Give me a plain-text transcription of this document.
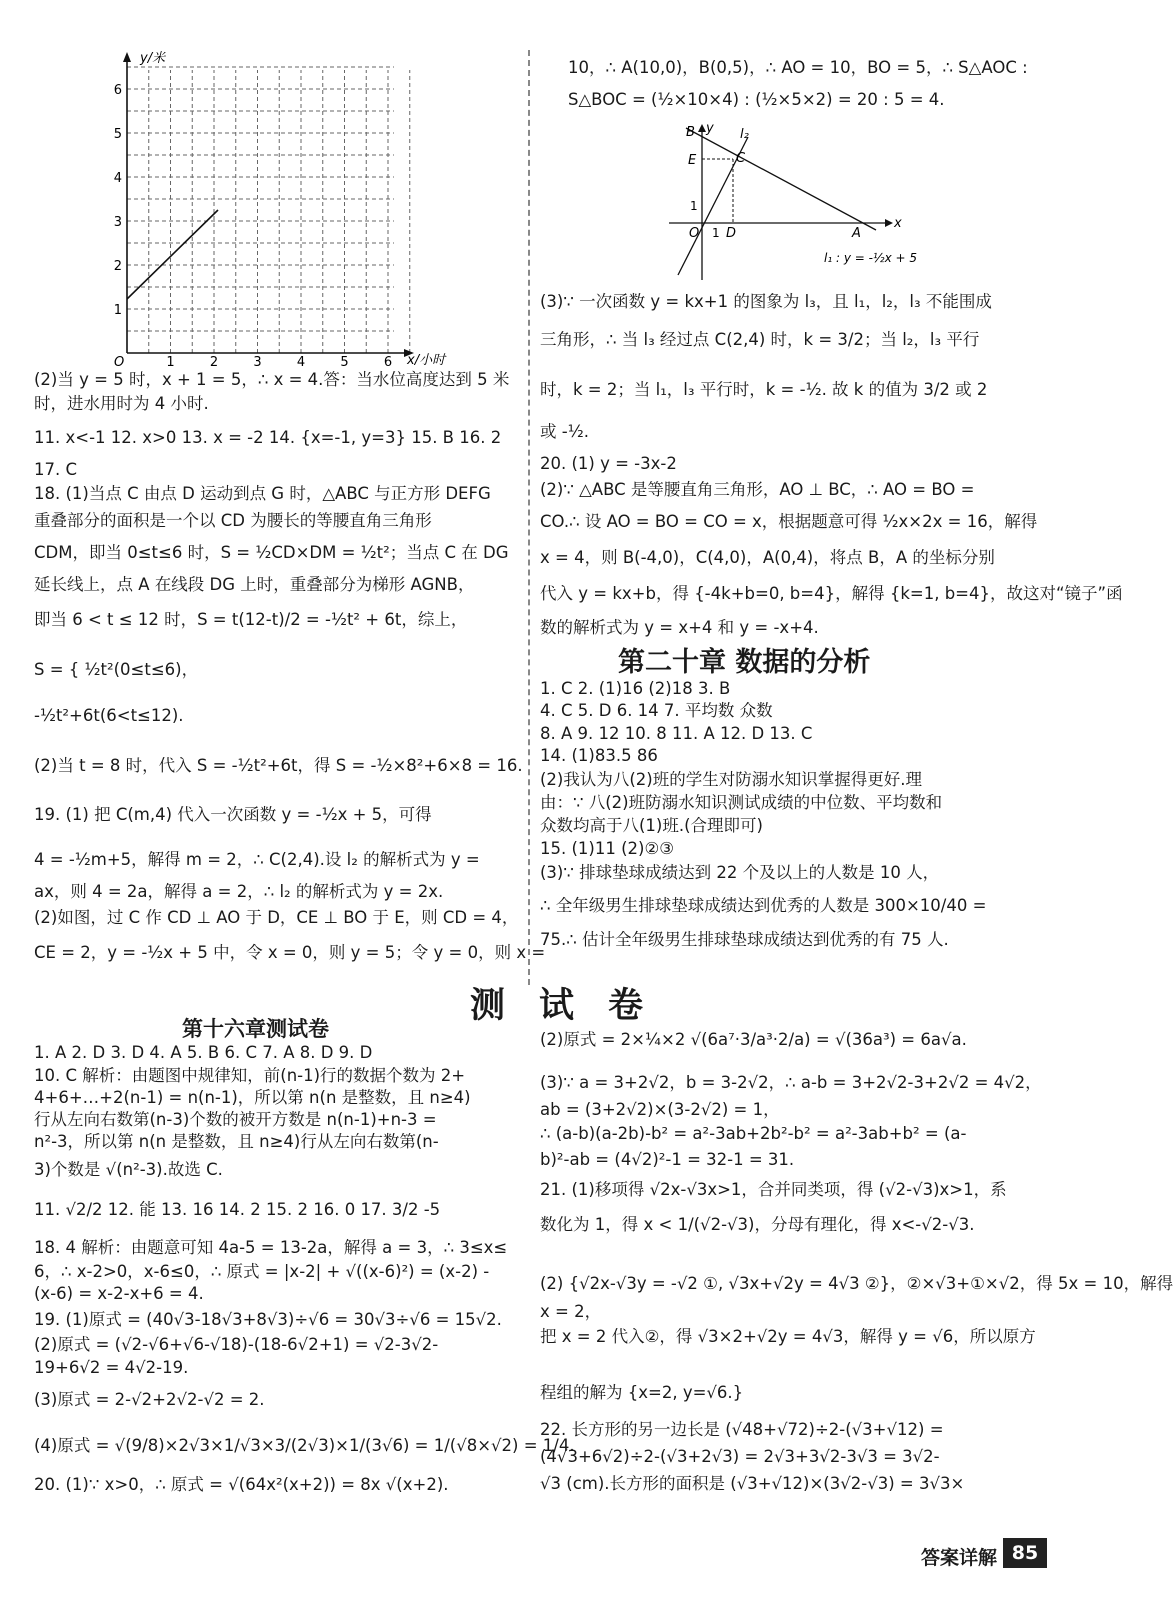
y/米
x/小时
O	1	2	3	4	5	6
1
2
3
4
5
6
(2)当 y = 5 时，x + 1 = 5，∴ x = 4.答：当水位高度达到 5 米
时，进水用时为 4 小时.
11. x<-1 12. x>0 13. x = -2 14. {x=-1, y=3} 15. B 16. 2
17. C
18. (1)当点 C 由点 D 运动到点 G 时，△ABC 与正方形 DEFG
重叠部分的面积是一个以 CD 为腰长的等腰直角三角形
CDM，即当 0≤t≤6 时，S = ½CD×DM = ½t²；当点 C 在 DG
延长线上，点 A 在线段 DG 上时，重叠部分为梯形 AGNB，
即当 6 < t ≤ 12 时，S = t(12-t)/2 = -½t² + 6t，综上，
S = { ½t²(0≤t≤6)，
-½t²+6t(6<t≤12).
(2)当 t = 8 时，代入 S = -½t²+6t，得 S = -½×8²+6×8 = 16.
19. (1) 把 C(m,4) 代入一次函数 y = -½x + 5，可得
4 = -½m+5，解得 m = 2，∴ C(2,4).设 l₂ 的解析式为 y =
ax，则 4 = 2a，解得 a = 2，∴ l₂ 的解析式为 y = 2x.
(2)如图，过 C 作 CD ⊥ AO 于 D，CE ⊥ BO 于 E，则 CD = 4，
CE = 2，y = -½x + 5 中，令 x = 0，则 y = 5；令 y = 0，则 x =
1. A 2. D 3. D 4. A 5. B 6. C 7. A 8. D 9. D
10. C 解析：由题图中规律知，前(n-1)行的数据个数为 2+
4+6+…+2(n-1) = n(n-1)，所以第 n(n 是整数，且 n≥4)
行从左向右数第(n-3)个数的被开方数是 n(n-1)+n-3 =
n²-3，所以第 n(n 是整数，且 n≥4)行从左向右数第(n-
3)个数是 √(n²-3).故选 C.
11. √2/2 12. 能 13. 16 14. 2 15. 2 16. 0 17. 3/2 -5
18. 4 解析：由题意可知 4a-5 = 13-2a，解得 a = 3，∴ 3≤x≤
6，∴ x-2>0，x-6≤0，∴ 原式 = |x-2| + √((x-6)²) = (x-2) -
(x-6) = x-2-x+6 = 4.
19. (1)原式 = (40√3-18√3+8√3)÷√6 = 30√3÷√6 = 15√2.
(2)原式 = (√2-√6+√6-√18)-(18-6√2+1) = √2-3√2-
19+6√2 = 4√2-19.
(3)原式 = 2-√2+2√2-√2 = 2.
(4)原式 = √(9/8)×2√3×1/√3×3/(2√3)×1/(3√6) = 1/(√8×√2) = 1/4.
20. (1)∵ x>0，∴ 原式 = √(64x²(x+2)) = 8x √(x+2).
10，∴ A(10,0)，B(0,5)，∴ AO = 10，BO = 5，∴ S△AOC :
S△BOC = (½×10×4) : (½×5×2) = 20 : 5 = 4.
(3)∵ 一次函数 y = kx+1 的图象为 l₃，且 l₁，l₂，l₃ 不能围成
三角形，∴ 当 l₃ 经过点 C(2,4) 时，k = 3/2；当 l₂，l₃ 平行
时，k = 2；当 l₁，l₃ 平行时，k = -½. 故 k 的值为 3/2 或 2
或 -½.
20. (1) y = -3x-2
(2)∵ △ABC 是等腰直角三角形，AO ⊥ BC，∴ AO = BO =
CO.∴ 设 AO = BO = CO = x，根据题意可得 ½x×2x = 16，解得
x = 4，则 B(-4,0)，C(4,0)，A(0,4)，将点 B，A 的坐标分别
代入 y = kx+b，得 {-4k+b=0, b=4}，解得 {k=1, b=4}，故这对“镜子”函
数的解析式为 y = x+4 和 y = -x+4.
1. C 2. (1)16 (2)18 3. B
4. C 5. D 6. 14 7. 平均数 众数
8. A 9. 12 10. 8 11. A 12. D 13. C
14. (1)83.5 86
(2)我认为八(2)班的学生对防溺水知识掌握得更好.理
由：∵ 八(2)班防溺水知识测试成绩的中位数、平均数和
众数均高于八(1)班.(合理即可)
15. (1)11 (2)②③
(3)∵ 排球垫球成绩达到 22 个及以上的人数是 10 人，
∴ 全年级男生排球垫球成绩达到优秀的人数是 300×10/40 =
75.∴ 估计全年级男生排球垫球成绩达到优秀的有 75 人.
(2)原式 = 2×¼×2 √(6a⁷·3/a³·2/a) = √(36a³) = 6a√a.
(3)∵ a = 3+2√2，b = 3-2√2，∴ a-b = 3+2√2-3+2√2 = 4√2，
ab = (3+2√2)×(3-2√2) = 1，
∴ (a-b)(a-2b)-b² = a²-3ab+2b²-b² = a²-3ab+b² = (a-
b)²-ab = (4√2)²-1 = 32-1 = 31.
21. (1)移项得 √2x-√3x>1，合并同类项，得 (√2-√3)x>1，系
数化为 1，得 x < 1/(√2-√3)，分母有理化，得 x<-√2-√3.
(2) {√2x-√3y = -√2 ①, √3x+√2y = 4√3 ②}，②×√3+①×√2，得 5x = 10，解得
x = 2，
把 x = 2 代入②，得 √3×2+√2y = 4√3，解得 y = √6，所以原方
程组的解为 {x=2, y=√6.}
22. 长方形的另一边长是 (√48+√72)÷2-(√3+√12) =
(4√3+6√2)÷2-(√3+2√3) = 2√3+3√2-3√3 = 3√2-
√3 (cm).长方形的面积是 (√3+√12)×(3√2-√3) = 3√3×
B y l₂
E	C
1
O 1 D	A
x
l₁ : y = -½x + 5
第二十章 数据的分析
测试卷
第十六章测试卷
答案详解 85
